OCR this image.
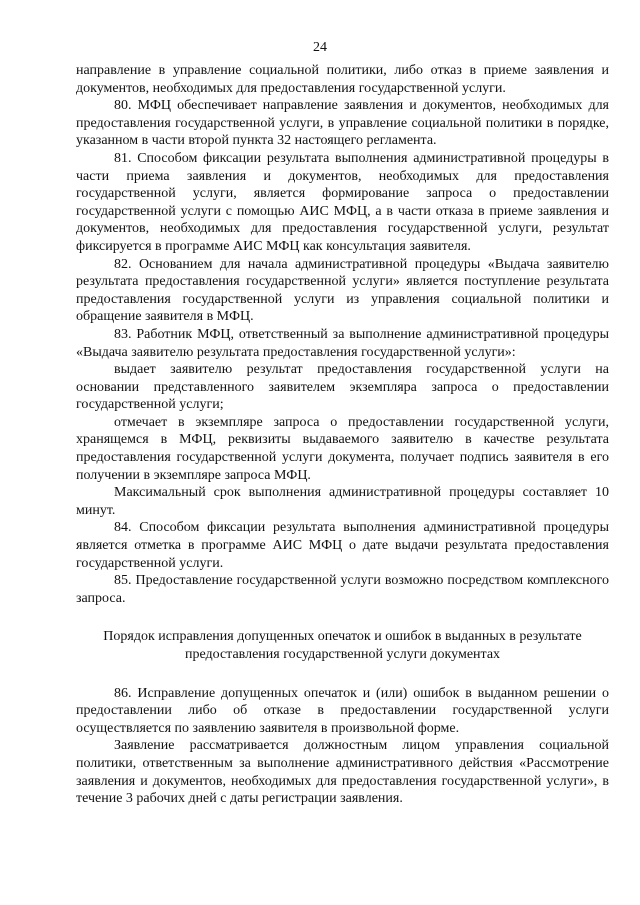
24

направление в управление социальной политики, либо отказ в приеме заявления и документов, необходимых для предоставления государственной услуги.

80. МФЦ обеспечивает направление заявления и документов, необходимых для предоставления государственной услуги, в управление социальной политики в порядке, указанном в части второй пункта 32 настоящего регламента.

81. Способом фиксации результата выполнения административной процедуры в части приема заявления и документов, необходимых для предоставления государственной услуги, является формирование запроса о предоставлении государственной услуги с помощью АИС МФЦ, а в части отказа в приеме заявления и документов, необходимых для предоставления государственной услуги, результат фиксируется в программе АИС МФЦ как консультация заявителя.

82. Основанием для начала административной процедуры «Выдача заявителю результата предоставления государственной услуги» является поступление результата предоставления государственной услуги из управления социальной политики и обращение заявителя в МФЦ.

83. Работник МФЦ, ответственный за выполнение административной процедуры «Выдача заявителю результата предоставления государственной услуги»:

выдает заявителю результат предоставления государственной услуги на основании представленного заявителем экземпляра запроса о предоставлении государственной услуги;

отмечает в экземпляре запроса о предоставлении государственной услуги, хранящемся в МФЦ, реквизиты выдаваемого заявителю в качестве результата предоставления государственной услуги документа, получает подпись заявителя в его получении в экземпляре запроса МФЦ.

Максимальный срок выполнения административной процедуры составляет 10 минут.

84. Способом фиксации результата выполнения административной процедуры является отметка в программе АИС МФЦ о дате выдачи результата предоставления государственной услуги.

85. Предоставление государственной услуги возможно посредством комплексного запроса.

Порядок исправления допущенных опечаток и ошибок в выданных в результате предоставления государственной услуги документах

86. Исправление допущенных опечаток и (или) ошибок в выданном решении о предоставлении либо об отказе в предоставлении государственной услуги осуществляется по заявлению заявителя в произвольной форме.

Заявление рассматривается должностным лицом управления социальной политики, ответственным за выполнение административного действия «Рассмотрение заявления и документов, необходимых для предоставления государственной услуги», в течение 3 рабочих дней с даты регистрации заявления.
